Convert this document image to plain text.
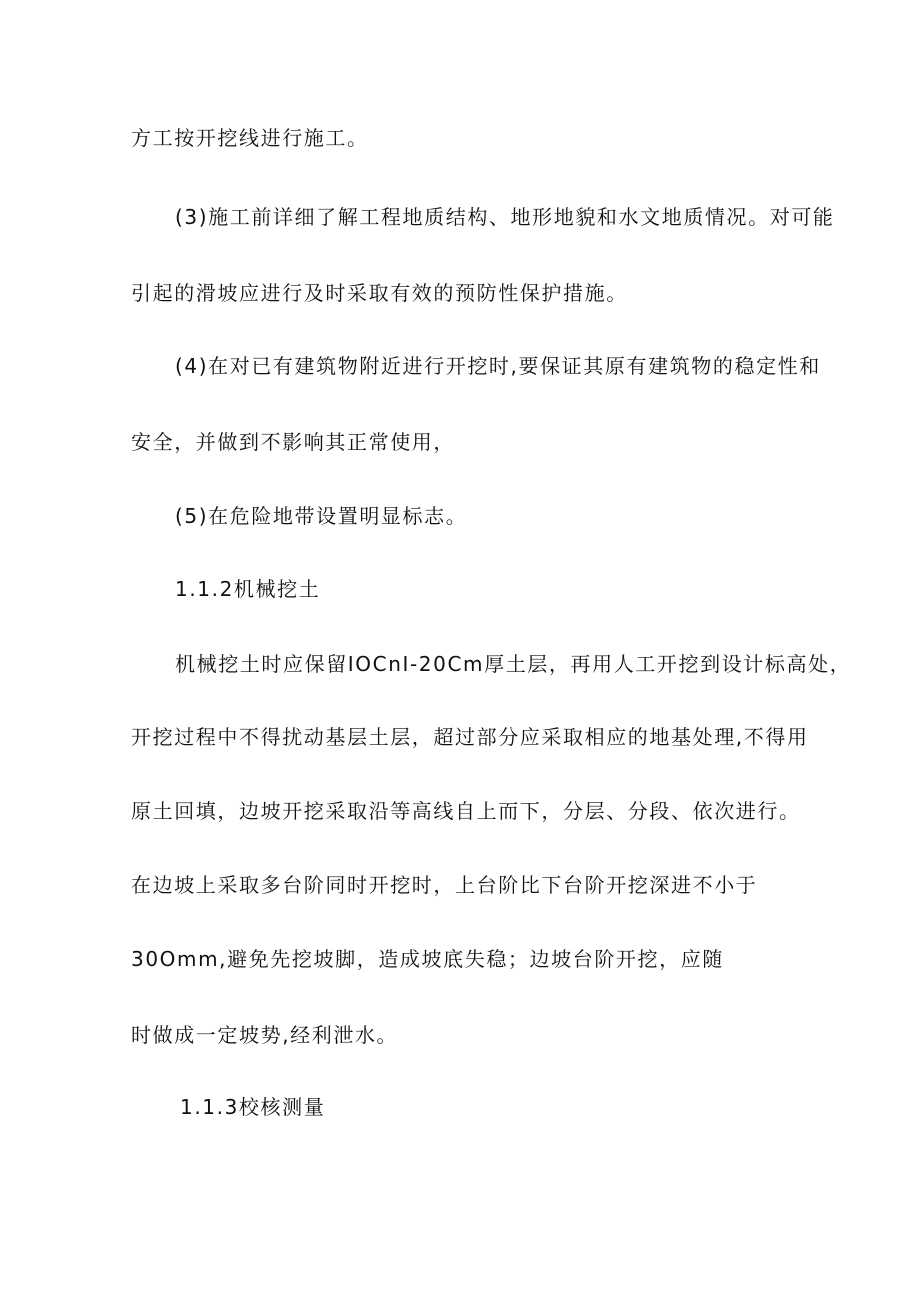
方工按开挖线进行施工。
(3)施工前详细了解工程地质结构、地形地貌和水文地质情况。对可能
引起的滑坡应进行及时采取有效的预防性保护措施。
(4)在对已有建筑物附近进行开挖时,要保证其原有建筑物的稳定性和
安全，并做到不影响其正常使用，
(5)在危险地带设置明显标志。
1.1.2机械挖土
机械挖土时应保留IOCnI-20Cm厚土层，再用人工开挖到设计标高处，
开挖过程中不得扰动基层土层，超过部分应采取相应的地基处理,不得用
原土回填，边坡开挖采取沿等高线自上而下，分层、分段、依次进行。
在边坡上采取多台阶同时开挖时，上台阶比下台阶开挖深进不小于
30Omm,避免先挖坡脚，造成坡底失稳；边坡台阶开挖，应随
时做成一定坡势,经利泄水。
1.1.3校核测量
